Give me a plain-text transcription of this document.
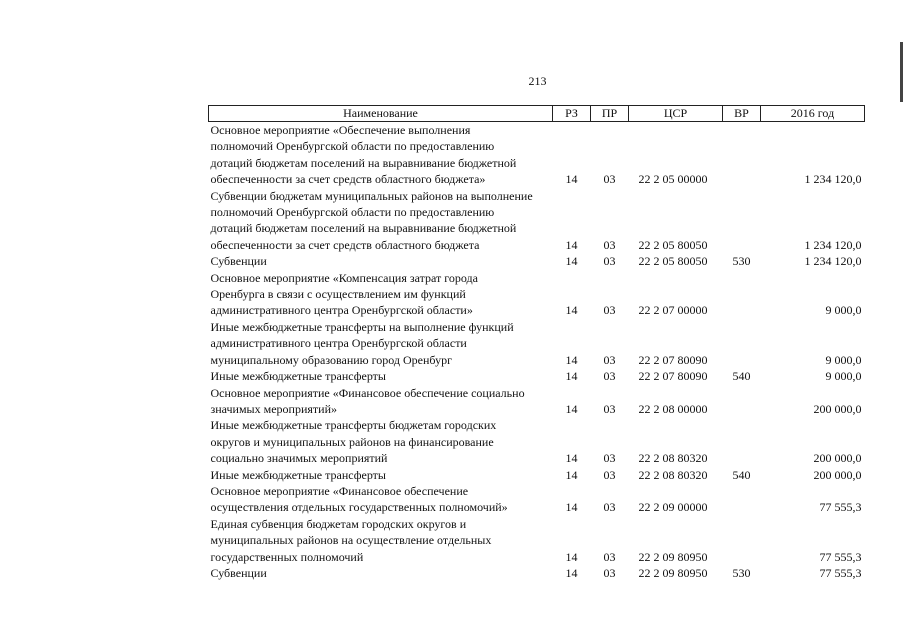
213
Наименование	РЗ	ПР	ЦСР	ВР	2016 год
Основное мероприятие «Обеспечение выполнения
полномочий Оренбургской области по предоставлению
дотаций бюджетам поселений на выравнивание бюджетной
обеспеченности за счет средств областного бюджета»	14	03	22 2 05 00000		1 234 120,0
Субвенции бюджетам муниципальных районов на выполнение
полномочий Оренбургской области по предоставлению
дотаций бюджетам поселений на выравнивание бюджетной
обеспеченности за счет средств областного бюджета	14	03	22 2 05 80050		1 234 120,0
Субвенции	14	03	22 2 05 80050	530	1 234 120,0
Основное мероприятие «Компенсация затрат города
Оренбурга в связи с осуществлением им функций
административного центра Оренбургской области»	14	03	22 2 07 00000		9 000,0
Иные межбюджетные трансферты на выполнение функций
административного центра Оренбургской области
муниципальному образованию город Оренбург	14	03	22 2 07 80090		9 000,0
Иные межбюджетные трансферты	14	03	22 2 07 80090	540	9 000,0
Основное мероприятие «Финансовое обеспечение социально
значимых мероприятий»	14	03	22 2 08 00000		200 000,0
Иные межбюджетные трансферты бюджетам городских
округов и муниципальных районов на финансирование
социально значимых мероприятий	14	03	22 2 08 80320		200 000,0
Иные межбюджетные трансферты	14	03	22 2 08 80320	540	200 000,0
Основное мероприятие «Финансовое обеспечение
осуществления отдельных государственных полномочий»	14	03	22 2 09 00000		77 555,3
Единая субвенция бюджетам городских округов и
муниципальных районов на осуществление отдельных
государственных полномочий	14	03	22 2 09 80950		77 555,3
Субвенции	14	03	22 2 09 80950	530	77 555,3
